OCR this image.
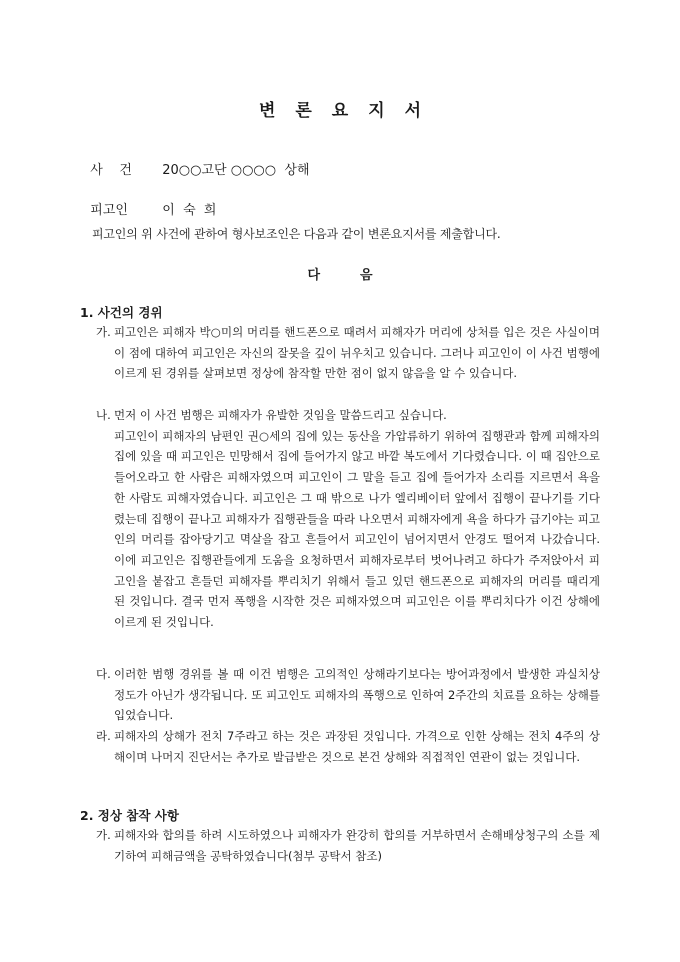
변론요지서

사    건 20○○고단 ○○○○  상해

피고인	이  숙  희

피고인의 위 사건에 관하여 형사보조인은 다음과 같이 변론요지서를 제출합니다.
다음
1. 사건의 경위
가. 피고인은 피해자 박○미의 머리를 핸드폰으로 때려서 피해자가 머리에 상처를 입은 것은 사실이며 이 점에 대하여 피고인은 자신의 잘못을 깊이 뉘우치고 있습니다. 그러나 피고인이 이 사건 범행에 이르게 된 경위를 살펴보면 정상에 참작할 만한 점이 없지 않음을 알 수 있습니다.

나. 먼저 이 사건 범행은 피해자가 유발한 것임을 말씀드리고 싶습니다.

피고인이 피해자의 남편인 권○세의 집에 있는 동산을 가압류하기 위하여 집행관과 함께 피해자의 집에 있을 때 피고인은 민망해서 집에 들어가지 않고 바깥 복도에서 기다렸습니다. 이 때 집안으로 들어오라고 한 사람은 피해자였으며 피고인이 그 말을 듣고 집에 들어가자 소리를 지르면서 욕을 한 사람도 피해자였습니다. 피고인은 그 때 밖으로 나가 엘리베이터 앞에서 집행이 끝나기를 기다렸는데 집행이 끝나고 피해자가 집행관들을 따라 나오면서 피해자에게 욕을 하다가 급기야는 피고인의 머리를 잡아당기고 멱살을 잡고 흔들어서 피고인이 넘어지면서 안경도 떨어져 나갔습니다. 이에 피고인은 집행관들에게 도움을 요청하면서 피해자로부터 벗어나려고 하다가 주저앉아서 피고인을 붙잡고 흔들던 피해자를 뿌리치기 위해서 들고 있던 핸드폰으로 피해자의 머리를 때리게 된 것입니다. 결국 먼저 폭행을 시작한 것은 피해자였으며 피고인은 이를 뿌리치다가 이건 상해에 이르게 된 것입니다.

다. 이러한 범행 경위를 볼 때 이건 범행은 고의적인 상해라기보다는 방어과정에서 발생한 과실치상 정도가 아닌가 생각됩니다. 또 피고인도 피해자의 폭행으로 인하여 2주간의 치료를 요하는 상해를 입었습니다.

라. 피해자의 상해가 전치 7주라고 하는 것은 과장된 것입니다. 가격으로 인한 상해는 전치 4주의 상해이며 나머지 진단서는 추가로 발급받은 것으로 본건 상해와 직접적인 연관이 없는 것입니다.

2. 정상 참작 사항
가. 피해자와 합의를 하려 시도하였으나 피해자가 완강히 합의를 거부하면서 손해배상청구의 소를 제기하여 피해금액을 공탁하였습니다(첨부 공탁서 참조)
